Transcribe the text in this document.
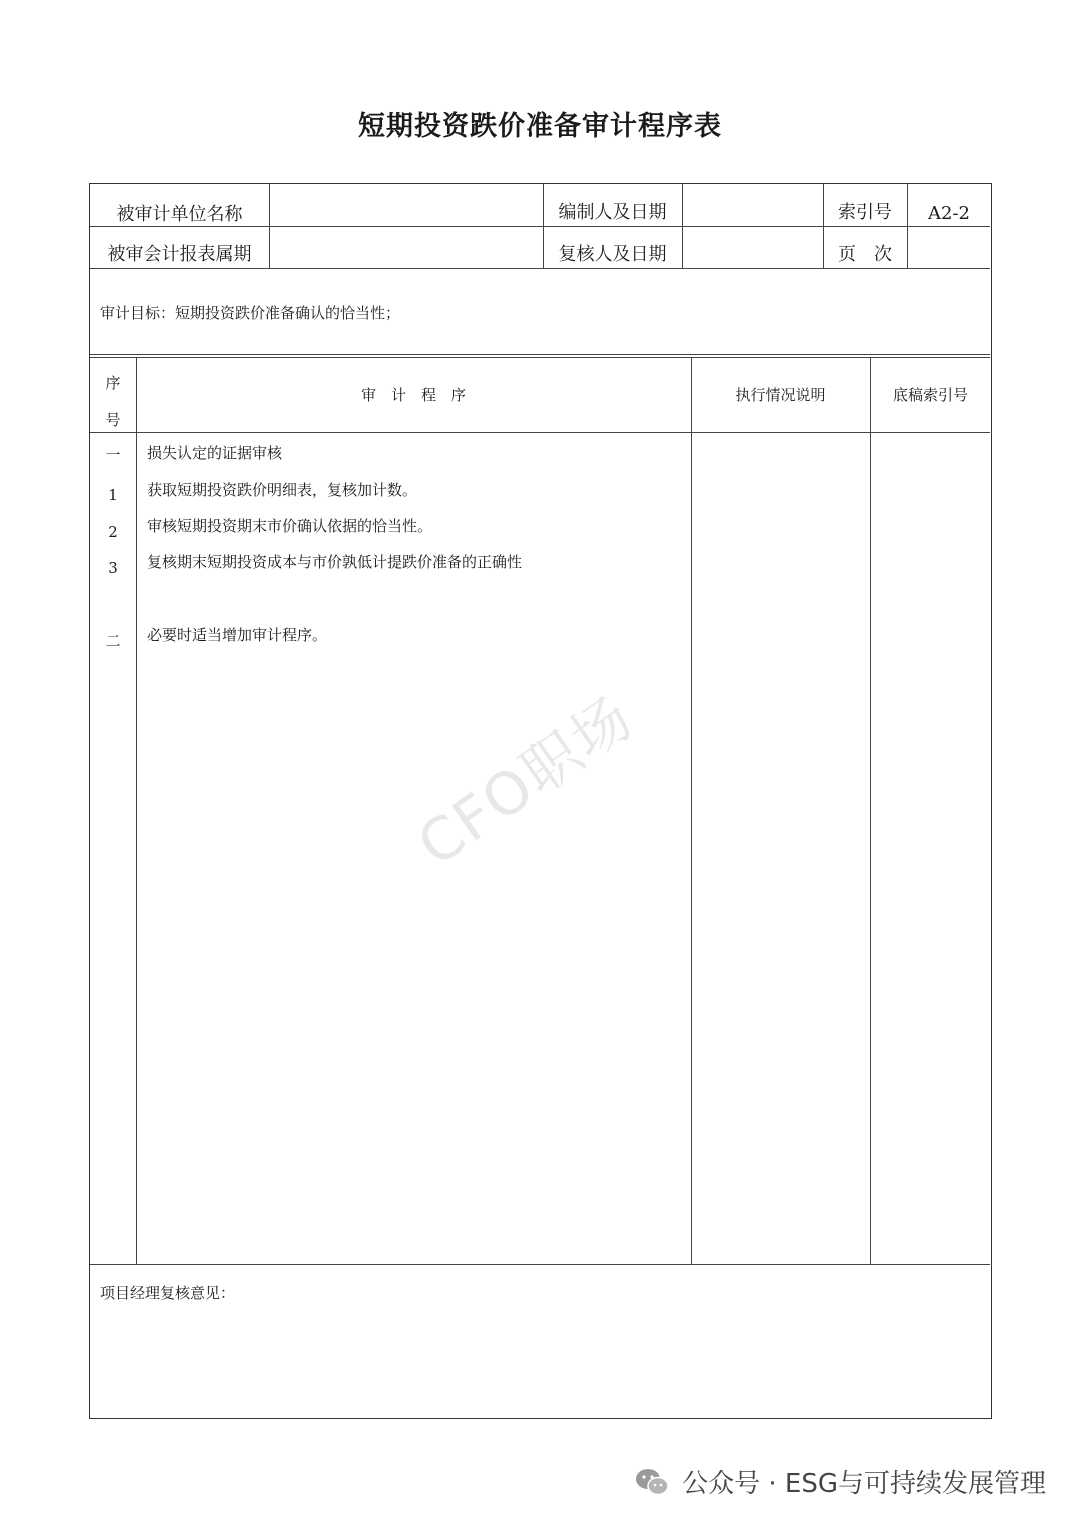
短期投资跌价准备审计程序表
被审计单位名称	编制人及日期	索引号	A2-2
被审会计报表属期	复核人及日期	页　次
审计目标：短期投资跌价准备确认的恰当性；
序
号
审　计　程　序	执行情况说明	底稿索引号
一	损失认定的证据审核
1	获取短期投资跌价明细表，复核加计数。
2	审核短期投资期末市价确认依据的恰当性。
3	复核期末短期投资成本与市价孰低计提跌价准备的正确性
二	必要时适当增加审计程序。
项目经理复核意见：
CFO职场
公众号 · ESG与可持续发展管理
